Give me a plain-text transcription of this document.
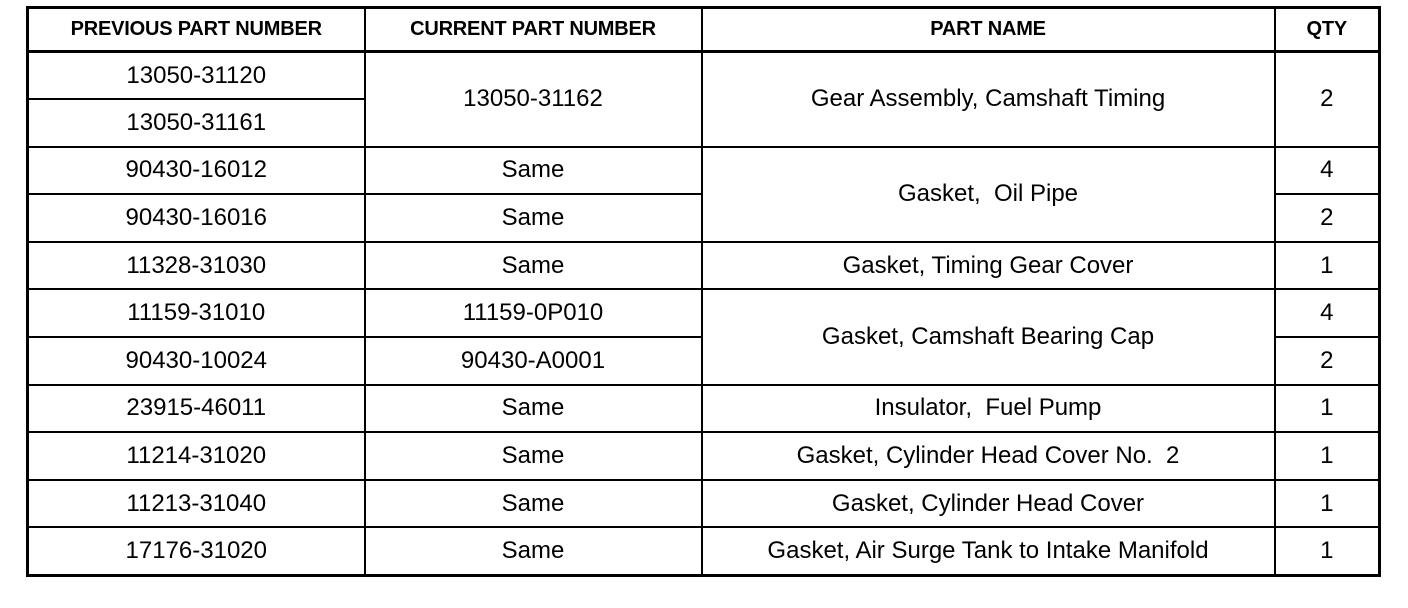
PREVIOUS PART NUMBER	CURRENT PART NUMBER	PART NAME	QTY
13050-31120	13050-31162	Gear Assembly, Camshaft Timing	2
13050-31161			
90430-16012	Same	Gasket,  Oil Pipe	4
90430-16016	Same		2
11328-31030	Same	Gasket, Timing Gear Cover	1
11159-31010	11159-0P010	Gasket, Camshaft Bearing Cap	4
90430-10024	90430-A0001		2
23915-46011	Same	Insulator,  Fuel Pump	1
11214-31020	Same	Gasket, Cylinder Head Cover No.  2	1
11213-31040	Same	Gasket, Cylinder Head Cover	1
17176-31020	Same	Gasket, Air Surge Tank to Intake Manifold	1
